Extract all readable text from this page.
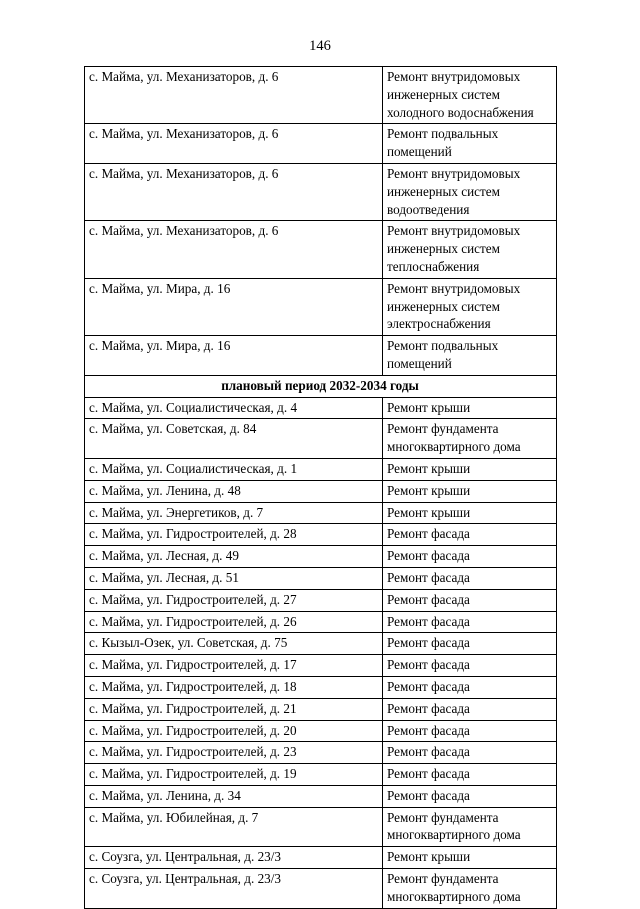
146
с. Майма, ул. Механизаторов, д. 6	Ремонт внутридомовых инженерных систем холодного водоснабжения
с. Майма, ул. Механизаторов, д. 6	Ремонт подвальных помещений
с. Майма, ул. Механизаторов, д. 6	Ремонт внутридомовых инженерных систем водоотведения
с. Майма, ул. Механизаторов, д. 6	Ремонт внутридомовых инженерных систем теплоснабжения
с. Майма, ул. Мира, д. 16	Ремонт внутридомовых инженерных систем электроснабжения
с. Майма, ул. Мира, д. 16	Ремонт подвальных помещений
плановый период 2032-2034 годы	
с. Майма, ул. Социалистическая, д. 4	Ремонт крыши
с. Майма, ул. Советская, д. 84	Ремонт фундамента многоквартирного дома
с. Майма, ул. Социалистическая, д. 1	Ремонт крыши
с. Майма, ул. Ленина, д. 48	Ремонт крыши
с. Майма, ул. Энергетиков, д. 7	Ремонт крыши
с. Майма, ул. Гидростроителей, д. 28	Ремонт фасада
с. Майма, ул. Лесная, д. 49	Ремонт фасада
с. Майма, ул. Лесная, д. 51	Ремонт фасада
с. Майма, ул. Гидростроителей, д. 27	Ремонт фасада
с. Майма, ул. Гидростроителей, д. 26	Ремонт фасада
с. Кызыл-Озек, ул. Советская, д. 75	Ремонт фасада
с. Майма, ул. Гидростроителей, д. 17	Ремонт фасада
с. Майма, ул. Гидростроителей, д. 18	Ремонт фасада
с. Майма, ул. Гидростроителей, д. 21	Ремонт фасада
с. Майма, ул. Гидростроителей, д. 20	Ремонт фасада
с. Майма, ул. Гидростроителей, д. 23	Ремонт фасада
с. Майма, ул. Гидростроителей, д. 19	Ремонт фасада
с. Майма, ул. Ленина, д. 34	Ремонт фасада
с. Майма, ул. Юбилейная, д. 7	Ремонт фундамента многоквартирного дома
с. Соузга, ул. Центральная, д. 23/3	Ремонт крыши
с. Соузга, ул. Центральная, д. 23/3	Ремонт фундамента многоквартирного дома
